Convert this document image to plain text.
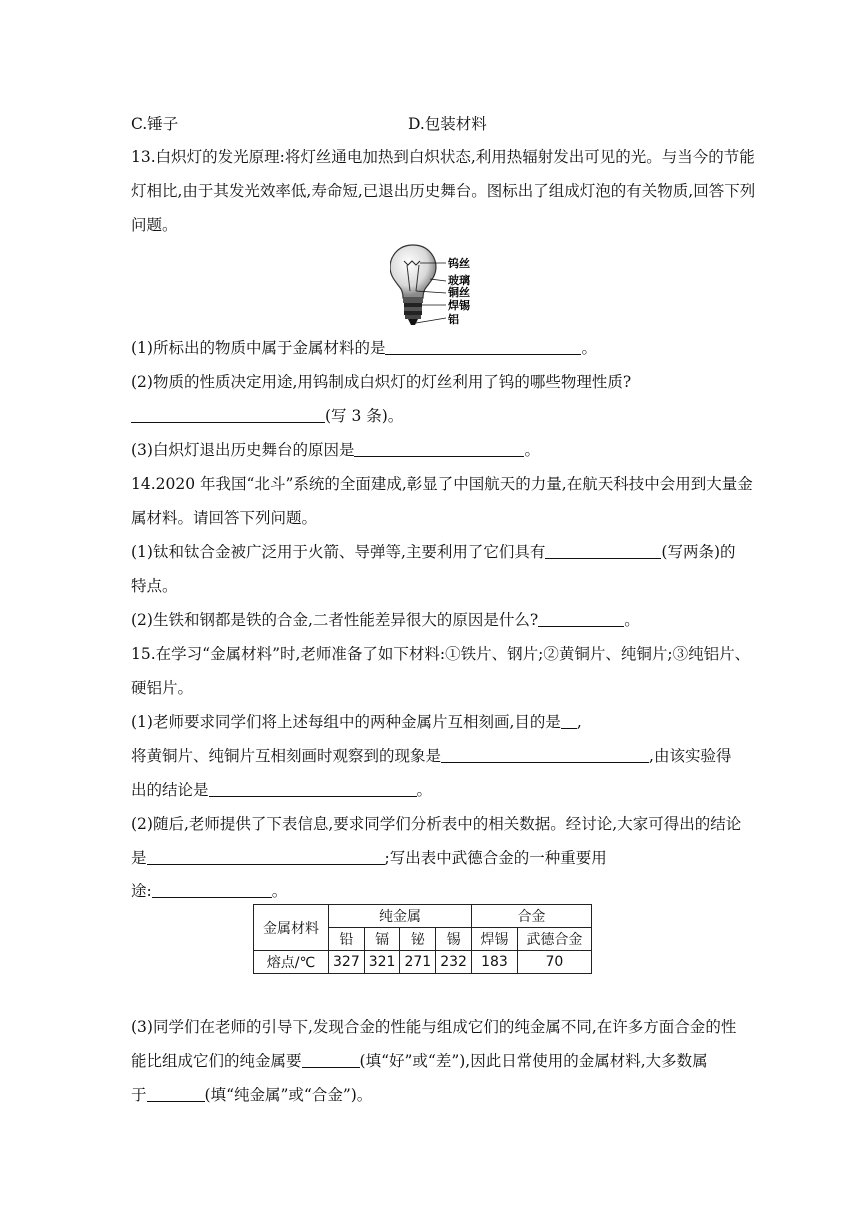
C.锤子	D.包装材料
13.白炽灯的发光原理:将灯丝通电加热到白炽状态,利用热辐射发出可见的光。与当今的节能
灯相比,由于其发光效率低,寿命短,已退出历史舞台。图标出了组成灯泡的有关物质,回答下列
问题。
钨丝
玻璃
铜丝
焊锡
铝
(1)所标出的物质中属于金属材料的是	。
(2)物质的性质决定用途,用钨制成白炽灯的灯丝利用了钨的哪些物理性质?
(写 3 条)。
(3)白炽灯退出历史舞台的原因是	。
14.2020 年我国“北斗”系统的全面建成,彰显了中国航天的力量,在航天科技中会用到大量金
属材料。请回答下列问题。
(1)钛和钛合金被广泛用于火箭、导弹等,主要利用了它们具有	(写两条)的
特点。
(2)生铁和钢都是铁的合金,二者性能差异很大的原因是什么?	。
15.在学习“金属材料”时,老师准备了如下材料:①铁片、钢片;②黄铜片、纯铜片;③纯铝片、
硬铝片。
(1)老师要求同学们将上述每组中的两种金属片互相刻画,目的是 ,
将黄铜片、纯铜片互相刻画时观察到的现象是	,由该实验得
出的结论是	。
(2)随后,老师提供了下表信息,要求同学们分析表中的相关数据。经讨论,大家可得出的结论
是	;写出表中武德合金的一种重要用
途:	。
金属材料	纯金属				合金	
	铅	镉	铋	锡	焊锡	武德合金
熔点/℃	327	321	271	232	183	70
(3)同学们在老师的引导下,发现合金的性能与组成它们的纯金属不同,在许多方面合金的性
能比组成它们的纯金属要	(填“好”或“差”),因此日常使用的金属材料,大多数属
于	(填“纯金属”或“合金”)。
